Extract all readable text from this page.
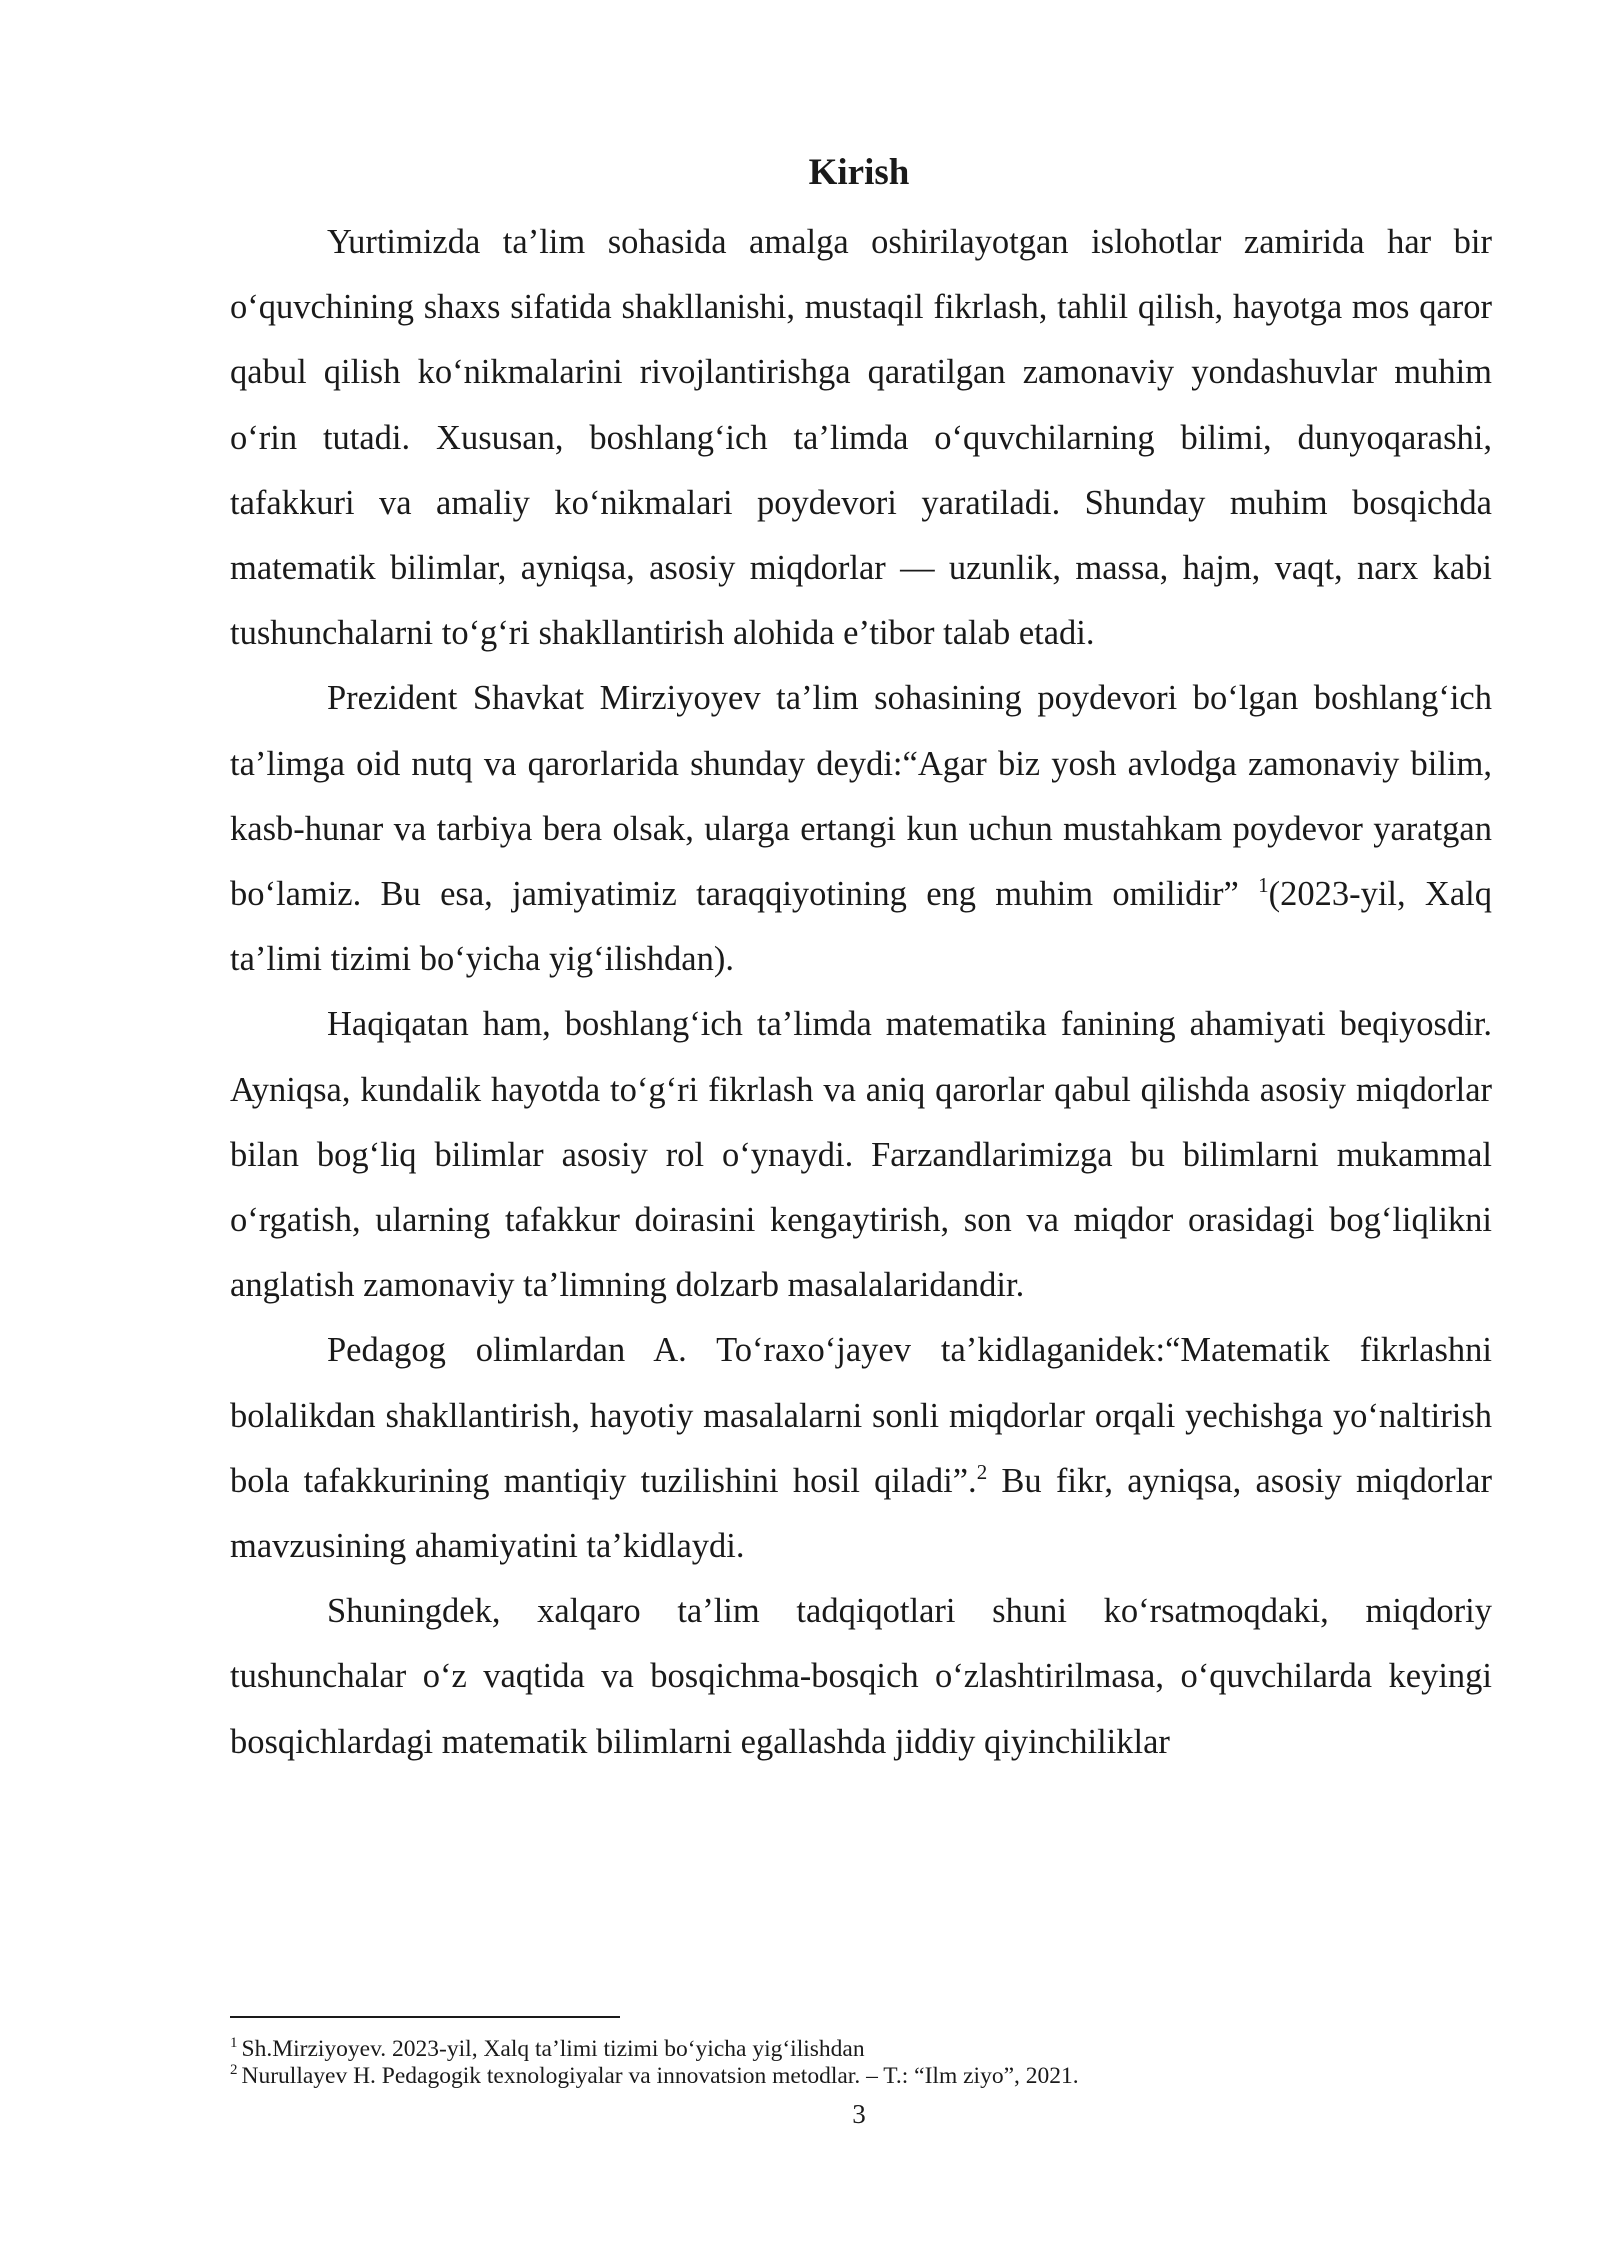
Kirish

Yurtimizda ta’lim sohasida amalga oshirilayotgan islohotlar zamirida har bir o‘quvchining shaxs sifatida shakllanishi, mustaqil fikrlash, tahlil qilish, hayotga mos qaror qabul qilish ko‘nikmalarini rivojlantirishga qaratilgan zamonaviy yondashuvlar muhim o‘rin tutadi. Xususan, boshlang‘ich ta’limda o‘quvchilarning bilimi, dunyoqarashi, tafakkuri va amaliy ko‘nikmalari poydevori yaratiladi. Shunday muhim bosqichda matematik bilimlar, ayniqsa, asosiy miqdorlar — uzunlik, massa, hajm, vaqt, narx kabi tushunchalarni to‘g‘ri shakllantirish alohida e’tibor talab etadi.

Prezident Shavkat Mirziyoyev ta’lim sohasining poydevori bo‘lgan boshlang‘ich ta’limga oid nutq va qarorlarida shunday deydi:“Agar biz yosh avlodga zamonaviy bilim, kasb-hunar va tarbiya bera olsak, ularga ertangi kun uchun mustahkam poydevor yaratgan bo‘lamiz. Bu esa, jamiyatimiz taraqqiyotining eng muhim omilidir” $^1$(2023-yil, Xalq ta’limi tizimi bo‘yicha yig‘ilishdan).

Haqiqatan ham, boshlang‘ich ta’limda matematika fanining ahamiyati beqiyosdir. Ayniqsa, kundalik hayotda to‘g‘ri fikrlash va aniq qarorlar qabul qilishda asosiy miqdorlar bilan bog‘liq bilimlar asosiy rol o‘ynaydi. Farzandlarimizga bu bilimlarni mukammal o‘rgatish, ularning tafakkur doirasini kengaytirish, son va miqdor orasidagi bog‘liqlikni anglatish zamonaviy ta’limning dolzarb masalalaridandir.

Pedagog olimlardan A. To‘raxo‘jayev ta’kidlaganidek:“Matematik fikrlashni bolalikdan shakllantirish, hayotiy masalalarni sonli miqdorlar orqali yechishga yo‘naltirish bola tafakkurining mantiqiy tuzilishini hosil qiladi”.$^2$ Bu fikr, ayniqsa, asosiy miqdorlar mavzusining ahamiyatini ta’kidlaydi.

Shuningdek, xalqaro ta’lim tadqiqotlari shuni ko‘rsatmoqdaki, miqdoriy tushunchalar o‘z vaqtida va bosqichma-bosqich o‘zlashtirilmasa, o‘quvchilarda keyingi bosqichlardagi matematik bilimlarni egallashda jiddiy qiyinchiliklar

$^1$ Sh.Mirziyoyev. 2023-yil, Xalq ta’limi tizimi bo‘yicha yig‘ilishdan

$^2$ Nurullayev H. Pedagogik texnologiyalar va innovatsion metodlar. – T.: “Ilm ziyo”, 2021.

3
